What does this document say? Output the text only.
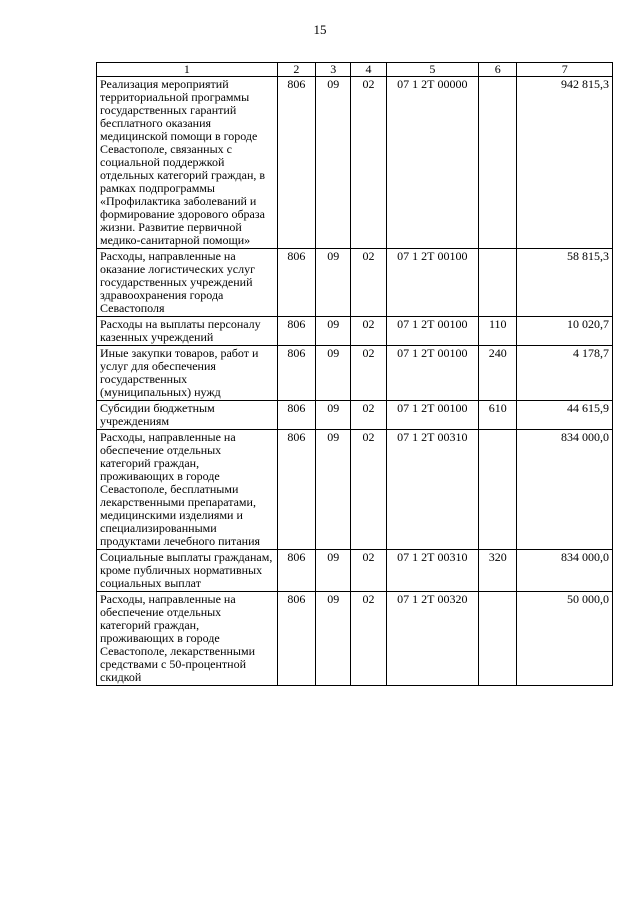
15
1	2	3	4	5	6	7
Реализация мероприятий территориальной программы государственных гарантий бесплатного оказания медицинской помощи в городе Севастополе, связанных с социальной поддержкой отдельных категорий граждан, в рамках подпрограммы «Профилактика заболеваний и формирование здорового образа жизни. Развитие первичной медико-санитарной помощи»	806	09	02	07 1 2Т 00000		942 815,3
Расходы, направленные на оказание логистических услуг государственных учреждений здравоохранения города Севастополя	806	09	02	07 1 2Т 00100		58 815,3
Расходы на выплаты персоналу казенных учреждений	806	09	02	07 1 2Т 00100	110	10 020,7
Иные закупки товаров, работ и услуг для обеспечения государственных (муниципальных) нужд	806	09	02	07 1 2Т 00100	240	4 178,7
Субсидии бюджетным учреждениям	806	09	02	07 1 2Т 00100	610	44 615,9
Расходы, направленные на обеспечение отдельных категорий граждан, проживающих в городе Севастополе, бесплатными лекарственными препаратами, медицинскими изделиями и специализированными продуктами лечебного питания	806	09	02	07 1 2Т 00310		834 000,0
Социальные выплаты гражданам, кроме публичных нормативных социальных выплат	806	09	02	07 1 2Т 00310	320	834 000,0
Расходы, направленные на обеспечение отдельных категорий граждан, проживающих в городе Севастополе, лекарственными средствами с 50-процентной скидкой	806	09	02	07 1 2Т 00320		50 000,0
